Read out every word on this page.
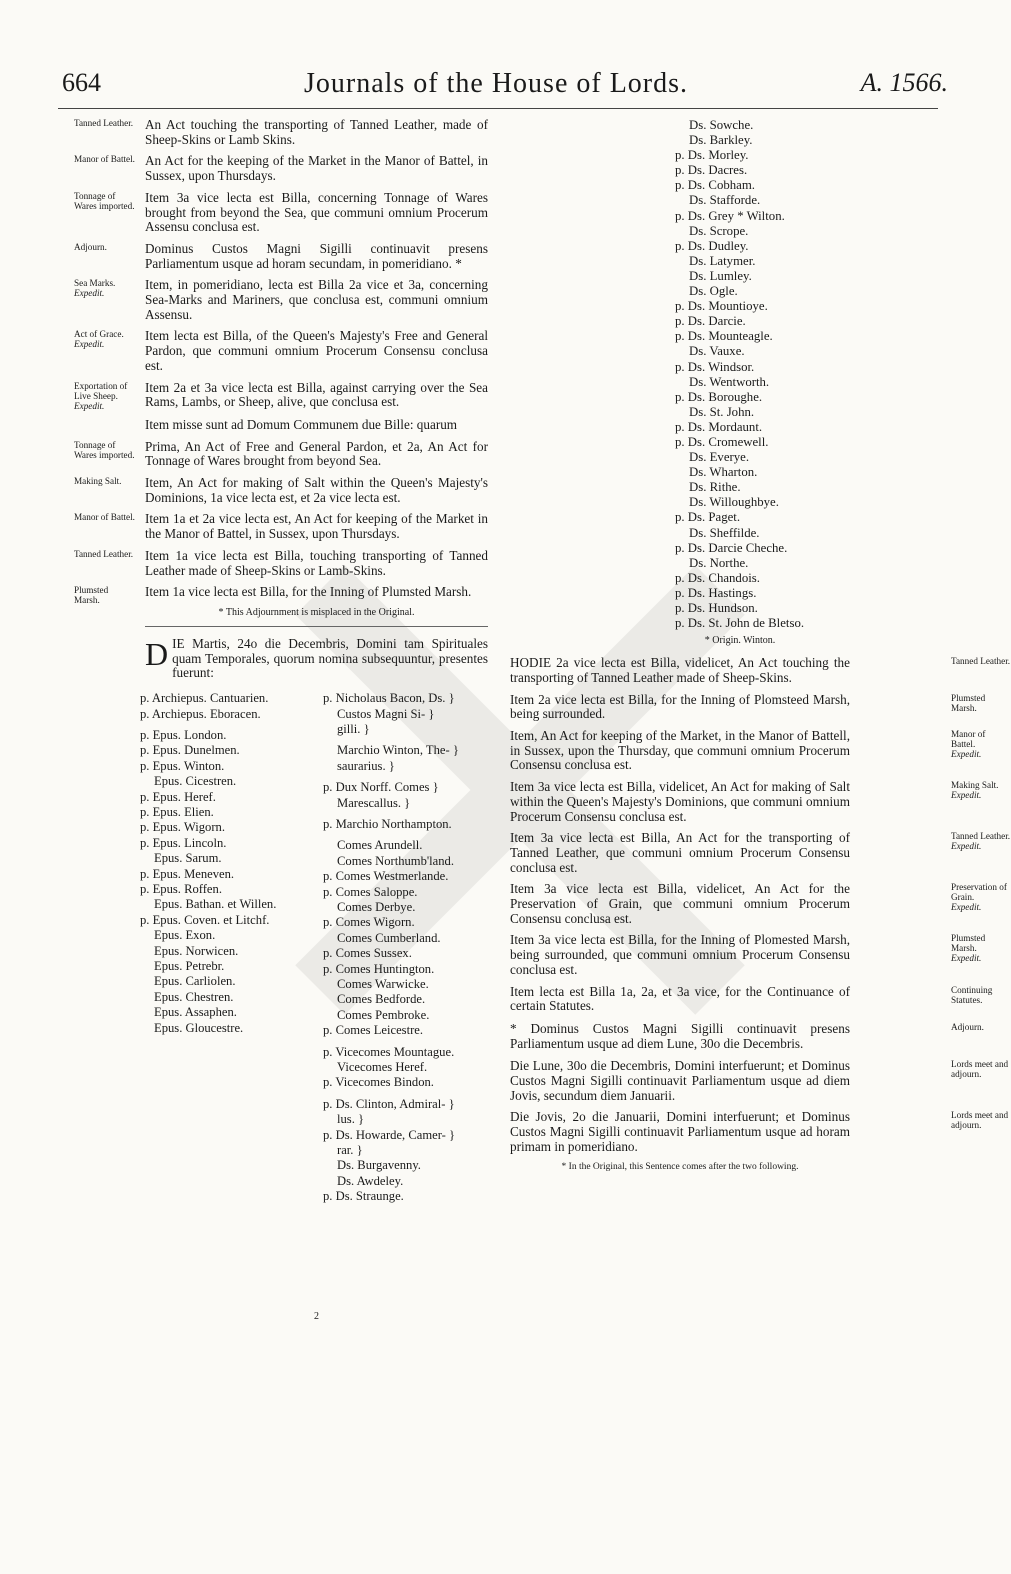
664	Journals of the House of Lords.	A. 1566.
Tanned Leather. An Act touching the transporting of Tanned Leather, made of Sheep-Skins or Lamb Skins.

Manor of Battel. An Act for the keeping of the Market in the Manor of Battel, in Sussex, upon Thursdays.

Tonnage of Wares imported.

Item 3a vice lecta est Billa, concerning Tonnage of Wares brought from beyond the Sea, que communi omnium Procerum Assensu conclusa est.

Adjourn.	Dominus Custos Magni Sigilli continuavit presens Parliamentum usque ad horam secundam, in pomeridiano. *

Sea Marks.
Expedit.

Item, in pomeridiano, lecta est Billa 2a vice et 3a, concerning Sea-Marks and Mariners, que conclusa est, communi omnium Assensu.

Act of Grace.
Expedit.

Item lecta est Billa, of the Queen's Majesty's Free and General Pardon, que communi omnium Procerum Consensu conclusa est.

Exportation of Live Sheep.
Expedit.

Item 2a et 3a vice lecta est Billa, against carrying over the Sea Rams, Lambs, or Sheep, alive, que conclusa est.

Item misse sunt ad Domum Communem due Bille: quarum

Tonnage of Wares imported.

Prima, An Act of Free and General Pardon, et 2a, An Act for Tonnage of Wares brought from beyond Sea.

Making Salt.	Item, An Act for making of Salt within the Queen's Majesty's Dominions, 1a vice lecta est, et 2a vice lecta est.

Manor of Battel. Item 1a et 2a vice lecta est, An Act for keeping of the Market in the Manor of Battel, in Sussex, upon Thursdays.

Tanned Leather. Item 1a vice lecta est Billa, touching transporting of Tanned Leather made of Sheep-Skins or Lamb-Skins.

Plumsted Marsh.

Item 1a vice lecta est Billa, for the Inning of Plumsted Marsh.

* This Adjournment is misplaced in the Original.

DIE Martis, 24o die Decembris, Domini tam Spirituales quam Temporales, quorum nomina subsequuntur, presentes fuerunt:

p. Archiepus. Cantuarien.
p. Archiepus. Eboracen.
p. Epus. London.
p. Epus. Dunelmen.
p. Epus. Winton.
Epus. Cicestren.
p. Epus. Heref.
p. Epus. Elien.
p. Epus. Wigorn.
p. Epus. Lincoln.
Epus. Sarum.
p. Epus. Meneven.
p. Epus. Roffen.
Epus. Bathan. et Willen.
p. Epus. Coven. et Litchf.
Epus. Exon.
Epus. Norwicen.
Epus. Petrebr.
Epus. Carliolen.
Epus. Chestren.
Epus. Assaphen.
Epus. Gloucestre.
p. Nicholaus Bacon, Ds. }
Custos Magni Si- }
gilli. }
Marchio Winton, The- }
saurarius. }
p. Dux Norff. Comes }
Marescallus. }
p. Marchio Northampton.
Comes Arundell.
Comes Northumb'land.
p. Comes Westmerlande.
p. Comes Saloppe.
Comes Derbye.
p. Comes Wigorn.
Comes Cumberland.
p. Comes Sussex.
p. Comes Huntington.
Comes Warwicke.
Comes Bedforde.
Comes Pembroke.
p. Comes Leicestre.
p. Vicecomes Mountague.
Vicecomes Heref.
p. Vicecomes Bindon.
p. Ds. Clinton, Admiral- }
lus. }
p. Ds. Howarde, Camer- }
rar. }
Ds. Burgavenny.
Ds. Awdeley.
p. Ds. Straunge.
2
Ds. Sowche.
Ds. Barkley.
p. Ds. Morley.
p. Ds. Dacres.
p. Ds. Cobham.
Ds. Stafforde.
p. Ds. Grey * Wilton.
Ds. Scrope.
p. Ds. Dudley.
Ds. Latymer.
Ds. Lumley.
Ds. Ogle.
p. Ds. Mountioye.
p. Ds. Darcie.
p. Ds. Mounteagle.
Ds. Vauxe.
p. Ds. Windsor.
Ds. Wentworth.
p. Ds. Boroughe.
Ds. St. John.
p. Ds. Mordaunt.
p. Ds. Cromewell.
Ds. Everye.
Ds. Wharton.
Ds. Rithe.
Ds. Willoughbye.
p. Ds. Paget.
Ds. Sheffilde.
p. Ds. Darcie Cheche.
Ds. Northe.
p. Ds. Chandois.
p. Ds. Hastings.
p. Ds. Hundson.
p. Ds. St. John de Bletso.
* Origin. Winton.
Tanned Leather.

HODIE 2a vice lecta est Billa, videlicet, An Act touching the transporting of Tanned Leather made of Sheep-Skins.

Plumsted Marsh.

Item 2a vice lecta est Billa, for the Inning of Plomsteed Marsh, being surrounded.

Manor of Battel.
Expedit.

Item, An Act for keeping of the Market, in the Manor of Battell, in Sussex, upon the Thursday, que communi omnium Procerum Consensu conclusa est.

Making Salt.
Expedit.

Item 3a vice lecta est Billa, videlicet, An Act for making of Salt within the Queen's Majesty's Dominions, que communi omnium Procerum Consensu conclusa est.

Tanned Leather.
Expedit.

Item 3a vice lecta est Billa, An Act for the transporting of Tanned Leather, que communi omnium Procerum Consensu conclusa est.

Preservation of Grain.
Expedit.

Item 3a vice lecta est Billa, videlicet, An Act for the Preservation of Grain, que communi omnium Procerum Consensu conclusa est.

Plumsted Marsh.
Expedit.

Item 3a vice lecta est Billa, for the Inning of Plomested Marsh, being surrounded, que communi omnium Procerum Consensu conclusa est.

Continuing Statutes.

Item lecta est Billa 1a, 2a, et 3a vice, for the Continuance of certain Statutes.

Adjourn.

* Dominus Custos Magni Sigilli continuavit presens Parliamentum usque ad diem Lune, 30o die Decembris.

Lords meet and adjourn.

Die Lune, 30o die Decembris, Domini interfuerunt; et Dominus Custos Magni Sigilli continuavit Parliamentum usque ad diem Jovis, secundum diem Januarii.

Lords meet and adjourn.

Die Jovis, 2o die Januarii, Domini interfuerunt; et Dominus Custos Magni Sigilli continuavit Parliamentum usque ad horam primam in pomeridiano.

* In the Original, this Sentence comes after the two following.
